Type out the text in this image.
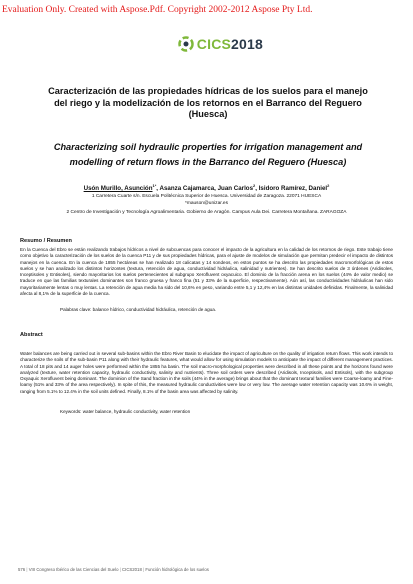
Evaluation Only. Created with Aspose.Pdf. Copyright 2002-2012 Aspose Pty Ltd.
CICS2018
Caracterización de las propiedades hídricas de los suelos para el manejo del riego y la modelización de los retornos en el Barranco del Reguero (Huesca)
Characterizing soil hydraulic properties for irrigation management and modelling of return flows in the Barranco del Reguero (Huesca)
Usón Murillo, Asunción$^{1*}$, Asanza Cajamarca, Juan Carlos$^2$, Isidoro Ramírez, Daniel$^2$
1 Carretera Cuarte s/n. Escuela Politécnica Superior de Huesca. Universidad de Zaragoza. 22071 HUESCA
*mauson@unizar.es
2 Centro de Investigación y Tecnología Agroalimentaria. Gobierno de Aragón. Campus Aula Dei. Carretera Montañana. ZARAGOZA
Resumo / Resumen
En la Cuenca del Ebro se están realizando trabajos hídricos a nivel de subcuencas para conocer el impacto de la agricultura en la calidad de los retornos de riego. Este trabajo tiene como objetivo la caracterización de los suelos de la cuenca P11 y de sus propiedades hídricas, para el ajuste de modelos de simulación que permitan predecir el impacto de distintos manejos en la cuenca. En la cuenca de 1855 hectáreas se han realizado 18 calicatas y 14 sondeos, en estos puntos se ha descrito las propiedades macromorfológicas de estos suelos y se han analizado los distintos horizontes (textura, retención de agua, conductividad hidráulica, salinidad y nutrientes). Se han descrito suelos de 3 órdenes (Aridisoles, Inceptisoles y Entisoles), siendo mayoritarios los suelos pertenecientes al subgrupo Xerofluvent oxyacuico. El dominio de la fracción arena en los suelos (44% de valor medio) se traduce en que las familias texturales dominantes son franco gruesa y franco fina (51 y 33% de la superficie, respectivamente). Aún así, las conductividades hidráulicas han sido mayoritariamente lentas o muy lentas. La retención de agua media ha sido del 10,6% en peso, variando entre 5,1 y 12,4% en las distintas unidades definidas. Finalmente, la salinidad afecta al 8,1% de la superficie de la cuenca.
Palabras clave: balance hídrico, conductividad hidráulica, retención de agua.
Abstract
Water balances are being carried out in several sub-basins within the Ebro River Basin to elucidate the impact of agriculture on the quality of irrigation return flows. This work intends to characterize the soils of the sub-basin P11 along with their hydraulic features, what would allow for using simulation models to anticipate the impact of different management practices. A total of 18 pits and 14 auger holes were performed within the 1855 ha basin. The soil macro-morphological properties were described in all these points and the horizons found were analyzed (texture, water retention capacity, hydraulic conductivity, salinity and nutrients). Three soil orders were described (Aridisols, Inceptisols, and Entisols), with the subgroup Oxyaquic Xerofluvent being dominant. The dominion of the Sand fraction in the soils (44% in the average) brings about that the dominant textural families were Coarse-loamy and Fine-loamy (51% and 33% of the area respectively). In spite of this, the measured hydraulic conductivities were low or very low. The average water retention capacity was 10.6% in weight, ranging from 5.1% to 12.4% in the soil units defined. Finally, 8.1% of the basin area was affected by salinity.
Keywords: water balance, hydraulic conductivity, water retention
576 | VIII Congreso Ibérico de las Ciencias del Suelo | CICS2018 | Función hidrológica de los suelos
